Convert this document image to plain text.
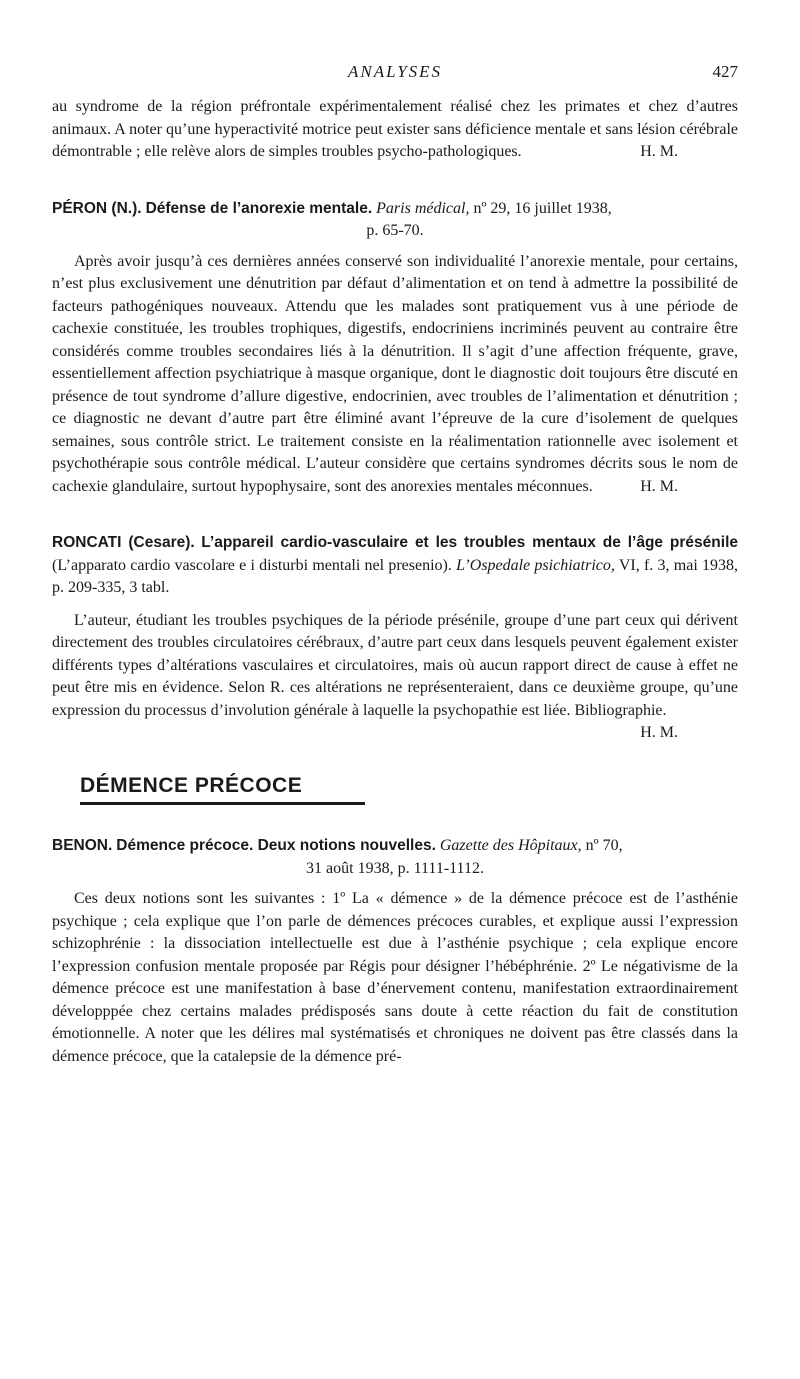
ANALYSES	427

au syndrome de la région préfrontale expérimentalement réalisé chez les primates et chez d’autres animaux. A noter qu’une hyperactivité motrice peut exister sans déficience mentale et sans lésion cérébrale démontrable ; elle relève alors de simples troubles psycho-pathologiques.	H. M.

PÉRON (N.). Défense de l’anorexie mentale. Paris médical, nº 29, 16 juillet 1938,
p. 65-70.

Après avoir jusqu’à ces dernières années conservé son individualité l’anorexie mentale, pour certains, n’est plus exclusivement une dénutrition par défaut d’alimentation et on tend à admettre la possibilité de facteurs pathogéniques nouveaux. Attendu que les malades sont pratiquement vus à une période de cachexie constituée, les troubles trophiques, digestifs, endocriniens incriminés peuvent au contraire être considérés comme troubles secondaires liés à la dénutrition. Il s’agit d’une affection fréquente, grave, essentiellement affection psychiatrique à masque organique, dont le diagnostic doit toujours être discuté en présence de tout syndrome d’allure digestive, endocrinien, avec troubles de l’alimentation et dénutrition ; ce diagnostic ne devant d’autre part être éliminé avant l’épreuve de la cure d’isolement de quelques semaines, sous contrôle strict. Le traitement consiste en la réalimentation rationnelle avec isolement et psychothérapie sous contrôle médical. L’auteur considère que certains syndromes décrits sous le nom de cachexie glandulaire, surtout hypophysaire, sont des anorexies mentales méconnues.	H. M.

RONCATI (Cesare). L’appareil cardio-vasculaire et les troubles mentaux de l’âge présénile (L’apparato cardio vascolare e i disturbi mentali nel presenio). L’Ospedale psichiatrico, VI, f. 3, mai 1938, p. 209-335, 3 tabl.

L’auteur, étudiant les troubles psychiques de la période présénile, groupe d’une part ceux qui dérivent directement des troubles circulatoires cérébraux, d’autre part ceux dans lesquels peuvent également exister différents types d’altérations vasculaires et circulatoires, mais où aucun rapport direct de cause à effet ne peut être mis en évidence. Selon R. ces altérations ne représenteraient, dans ce deuxième groupe, qu’une expression du processus d’involution générale à laquelle la psychopathie est liée. Bibliographie.
H. M.

DÉMENCE PRÉCOCE
BENON. Démence précoce. Deux notions nouvelles. Gazette des Hôpitaux, nº 70,
31 août 1938, p. 1111-1112.

Ces deux notions sont les suivantes : 1º La « démence » de la démence précoce est de l’asthénie psychique ; cela explique que l’on parle de démences précoces curables, et explique aussi l’expression schizophrénie : la dissociation intellectuelle est due à l’asthénie psychique ; cela explique encore l’expression confusion mentale proposée par Régis pour désigner l’hébéphrénie. 2º Le négativisme de la démence précoce est une manifestation à base d’énervement contenu, manifestation extraordinairement développpée chez certains malades prédisposés sans doute à cette réaction du fait de constitution émotionnelle. A noter que les délires mal systématisés et chroniques ne doivent pas être classés dans la démence précoce, que la catalepsie de la démence pré-
